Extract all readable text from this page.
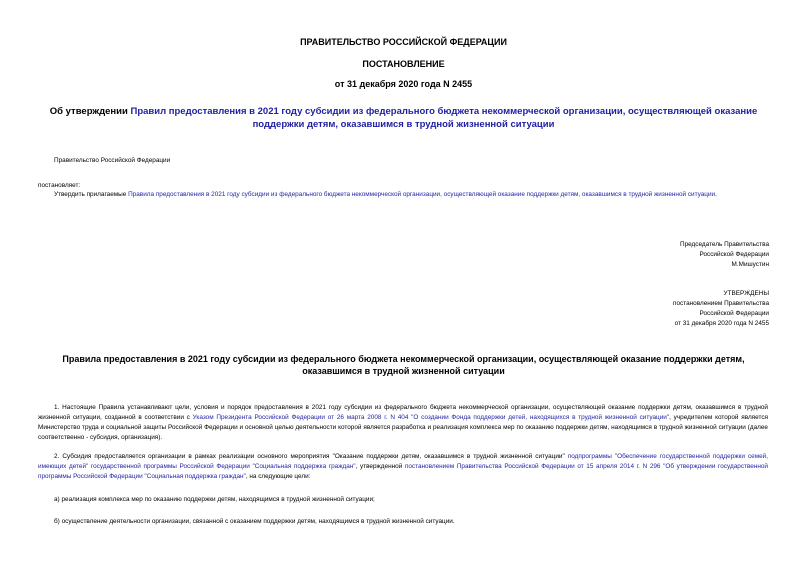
ПРАВИТЕЛЬСТВО РОССИЙСКОЙ ФЕДЕРАЦИИ
ПОСТАНОВЛЕНИЕ
от 31 декабря 2020 года N 2455
Об утверждении Правил предоставления в 2021 году субсидии из федерального бюджета некоммерческой организации, осуществляющей оказание поддержки детям, оказавшимся в трудной жизненной ситуации
Правительство Российской Федерации
постановляет:
Утвердить прилагаемые Правила предоставления в 2021 году субсидии из федерального бюджета некоммерческой организации, осуществляющей оказание поддержки детям, оказавшимся в трудной жизненной ситуации.
Председатель Правительства
Российской Федерации
М.Мишустин
УТВЕРЖДЕНЫ
постановлением Правительства
Российской Федерации
от 31 декабря 2020 года N 2455
Правила предоставления в 2021 году субсидии из федерального бюджета некоммерческой организации, осуществляющей оказание поддержки детям, оказавшимся в трудной жизненной ситуации
1. Настоящие Правила устанавливают цели, условия и порядок предоставления в 2021 году субсидии из федерального бюджета некоммерческой организации, осуществляющей оказание поддержки детям, оказавшимся в трудной жизненной ситуации, созданной в соответствии с Указом Президента Российской Федерации от 26 марта 2008 г. N 404 "О создании Фонда поддержки детей, находящихся в трудной жизненной ситуации", учредителем которой является Министерство труда и социальной защиты Российской Федерации и основной целью деятельности которой является разработка и реализация комплекса мер по оказанию поддержки детям, находящимся в трудной жизненной ситуации (далее соответственно - субсидия, организация).
2. Субсидия предоставляется организации в рамках реализации основного мероприятия "Оказание поддержки детям, оказавшимся в трудной жизненной ситуации" подпрограммы "Обеспечение государственной поддержки семей, имеющих детей" государственной программы Российской Федерации "Социальная поддержка граждан", утвержденной постановлением Правительства Российской Федерации от 15 апреля 2014 г. N 296 "Об утверждении государственной программы Российской Федерации "Социальная поддержка граждан", на следующие цели:
а) реализация комплекса мер по оказанию поддержки детям, находящимся в трудной жизненной ситуации;
б) осуществление деятельности организации, связанной с оказанием поддержки детям, находящимся в трудной жизненной ситуации.
